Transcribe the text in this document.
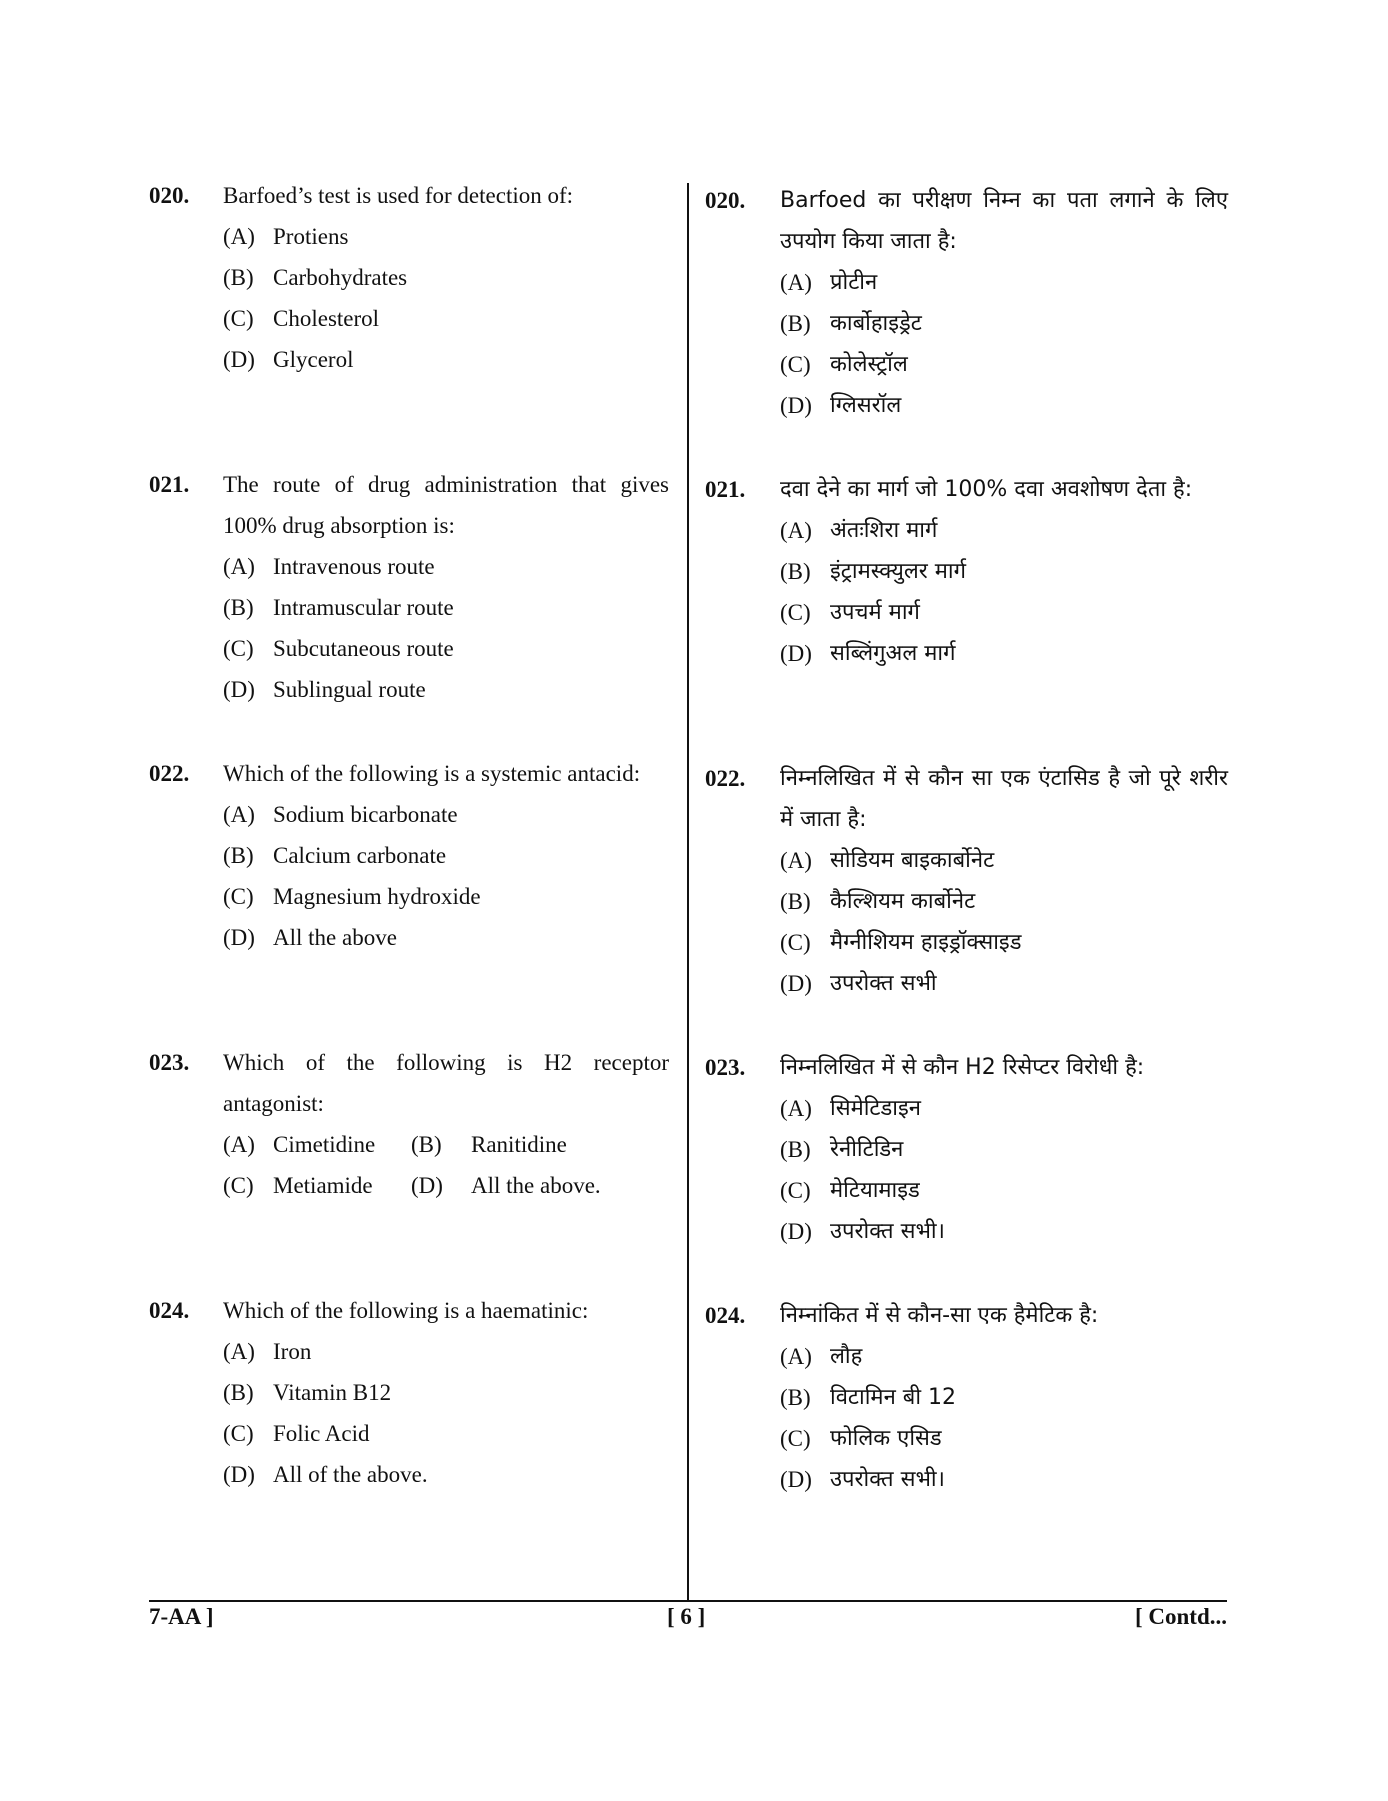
020.	Barfoed’s test is used for detection of:
(A) Protiens
(B) Carbohydrates
(C) Cholesterol
(D) Glycerol
021.	The route of drug administration that gives 100% drug absorption is:
(A) Intravenous route
(B) Intramuscular route
(C) Subcutaneous route
(D) Sublingual route
022.	Which of the following is a systemic antacid:
(A) Sodium bicarbonate
(B) Calcium carbonate
(C) Magnesium hydroxide
(D) All the above
023.	Which of the following is H2 receptor antagonist:
(A) Cimetidine (B)	Ranitidine
(C) Metiamide (D)	All the above.
024.	Which of the following is a haematinic:
(A) Iron
(B) Vitamin B12
(C) Folic Acid
(D) All of the above.
020.	Barfoed का परीक्षण निम्न का पता लगाने के लिए उपयोग किया जाता है:
(A) प्रोटीन
(B) कार्बोहाइड्रेट
(C) कोलेस्ट्रॉल
(D) ग्लिसरॉल
021.	दवा देने का मार्ग जो 100% दवा अवशोषण देता है:
(A) अंतःशिरा मार्ग
(B) इंट्रामस्क्युलर मार्ग
(C) उपचर्म मार्ग
(D) सब्लिंगुअल मार्ग
022.	निम्नलिखित में से कौन सा एक एंटासिड है जो पूरे शरीर में जाता है:
(A) सोडियम बाइकार्बोनेट
(B) कैल्शियम कार्बोनेट
(C) मैग्नीशियम हाइड्रॉक्साइड
(D) उपरोक्त सभी
023.	निम्नलिखित में से कौन H2 रिसेप्टर विरोधी है:
(A) सिमेटिडाइन
(B) रेनीटिडिन
(C) मेटियामाइड
(D) उपरोक्त सभी।
024.	निम्नांकित में से कौन-सा एक हैमेटिक है:
(A) लौह
(B) विटामिन बी 12
(C) फोलिक एसिड
(D) उपरोक्त सभी।
7-AA ]	[ 6 ]	[ Contd...
